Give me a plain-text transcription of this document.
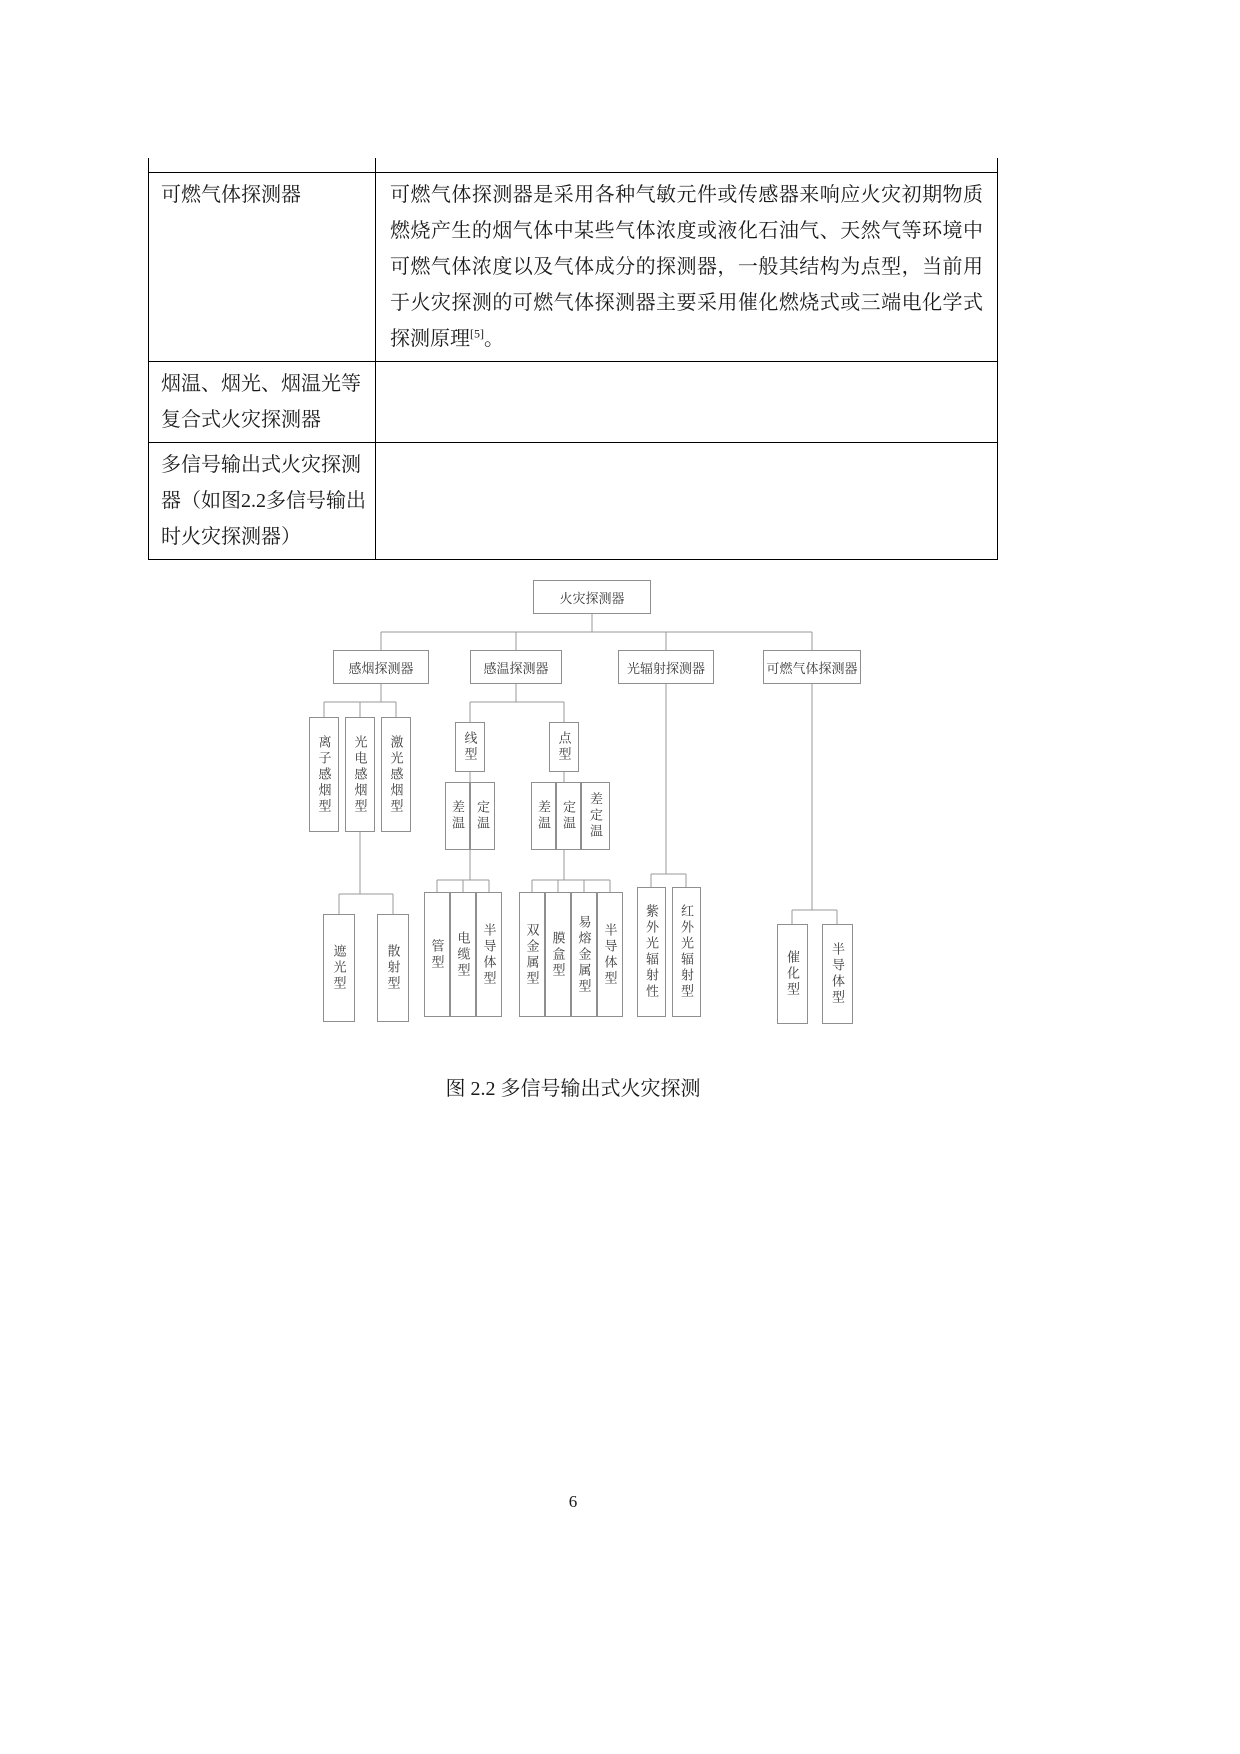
可燃气体探测器	可燃气体探测器是采用各种气敏元件或传感器来响应火灾初期物质燃烧产生的烟气体中某些气体浓度或液化石油气、天然气等环境中可燃气体浓度以及气体成分的探测器，一般其结构为点型，当前用于火灾探测的可燃气体探测器主要采用催化燃烧式或三端电化学式探测原理[5]。
烟温、烟光、烟温光等复合式火灾探测器	
多信号输出式火灾探测器（如图2.2多信号输出时火灾探测器）	
火灾探测器
感烟探测器	感温探测器	光辐射探测器	可燃气体探测器
离子感烟型	光电感烟型	激光感烟型	线型	点型
差温 定温	差温 定温 差定温
遮光型	散射型	管型 电缆型 半导体型	双金属型 膜盒型 易熔金属型 半导体型	紫外光辐射性	红外光辐射型	催化型	半导体型
图 2.2 多信号输出式火灾探测
6
